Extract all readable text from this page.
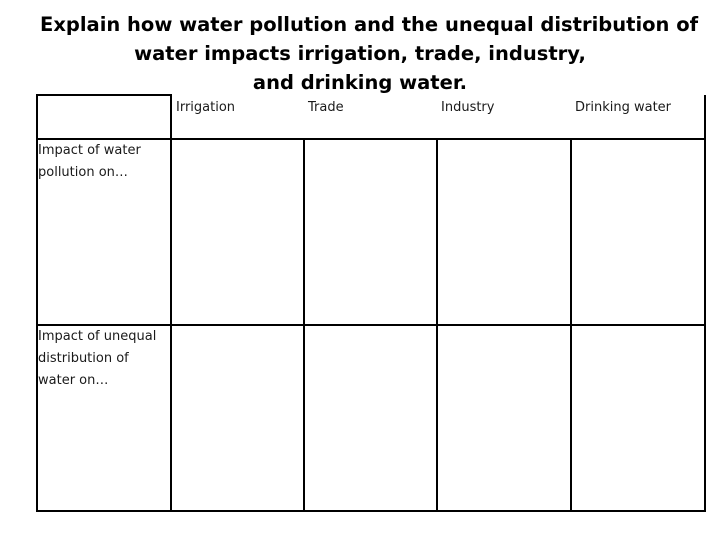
Explain how water pollution and the unequal distribution of
water impacts irrigation, trade, industry,
and drinking water.
	Irrigation	Trade	Industry	Drinking water

Impact of water
pollution on…				

Impact of unequal
distribution of
water on…				
